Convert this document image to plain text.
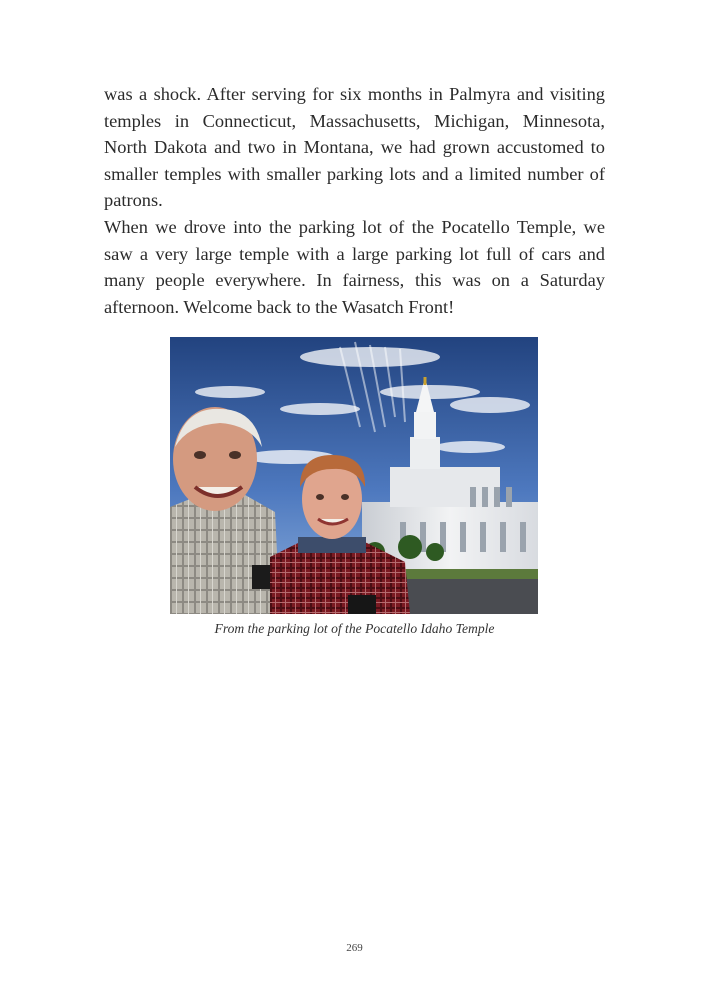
was a shock. After serving for six months in Palmyra and visiting temples in Connecticut, Massachusetts, Michigan, Minnesota, North Dakota and two in Montana, we had grown accustomed to smaller temples with smaller parking lots and a limited number of patrons.

When we drove into the parking lot of the Pocatello Temple, we saw a very large temple with a large parking lot full of cars and many people everywhere. In fairness, this was on a Saturday afternoon. Welcome back to the Wasatch Front!

From the parking lot of the Pocatello Idaho Temple
269
